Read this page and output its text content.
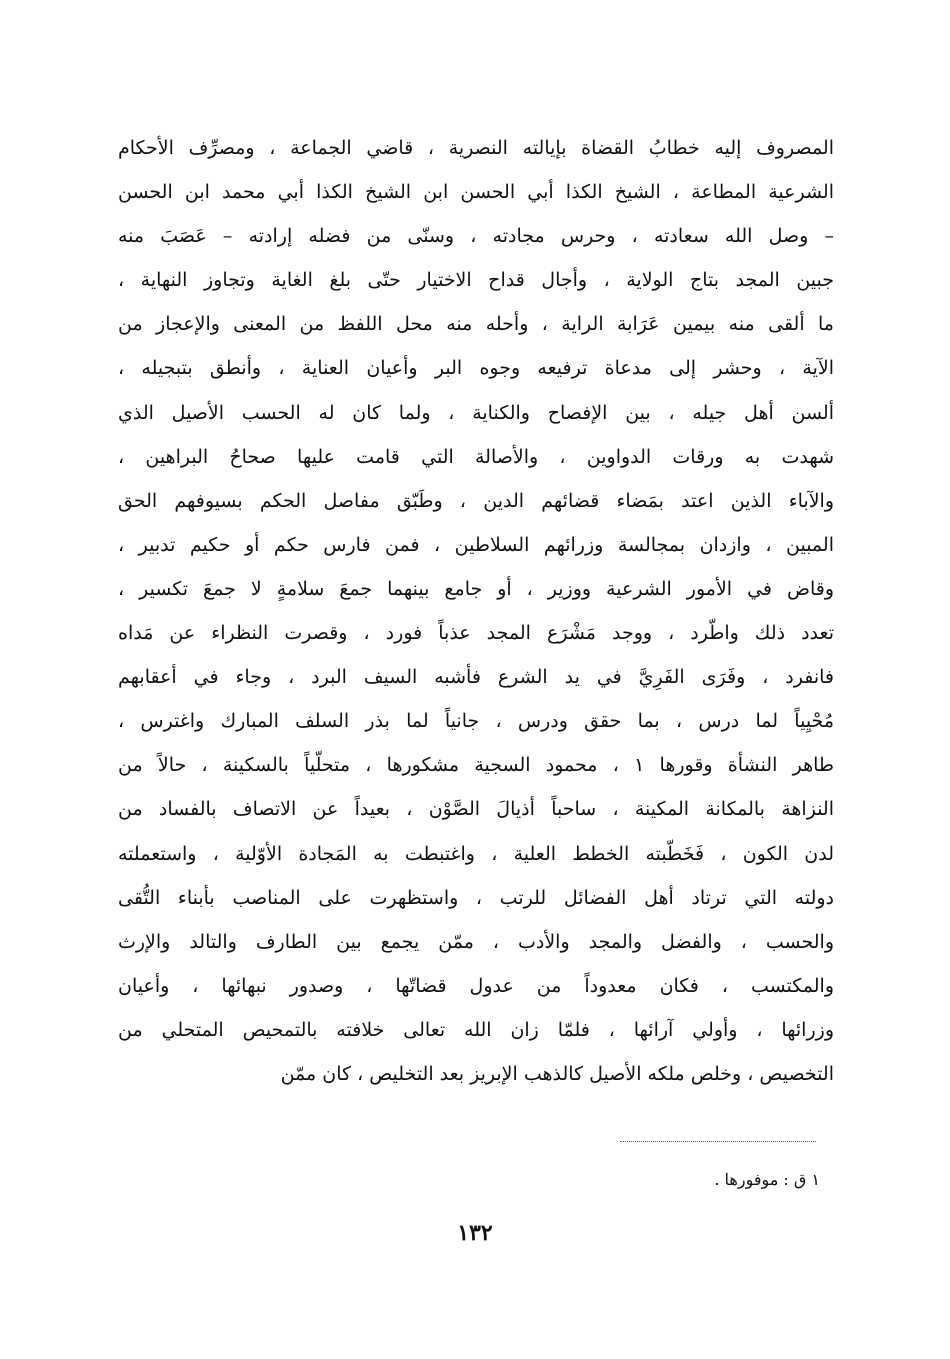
المصروف إليه خطابُ القضاة بإيالته النصرية ، قاضي الجماعة ، ومصرِّف الأحكام
الشرعية المطاعة ، الشيخ الكذا أبي الحسن ابن الشيخ الكذا أبي محمد ابن الحسن
– وصل الله سعادته ، وحرس مجادته ، وسنّى من فضله إرادته – عَصَبَ منه
جبين المجد بتاج الولاية ، وأجال قداح الاختيار حتّى بلغ الغاية وتجاوز النهاية ،
ما ألقى منه بيمين عَرَابة الراية ، وأحله منه محل اللفظ من المعنى والإعجاز من
الآية ، وحشر إلى مدعاة ترفيعه وجوه البر وأعيان العناية ، وأنطق بتبجيله ،
ألسن أهل جيله ، بين الإفصاح والكناية ، ولما كان له الحسب الأصيل الذي
شهدت به ورقات الدواوين ، والأصالة التي قامت عليها صحاحُ البراهين ،
والآباء الذين اعتد بمَضاء قضائهم الدين ، وطَبّق مفاصل الحكم بسيوفهم الحق
المبين ، وازدان بمجالسة وزرائهم السلاطين ، فمن فارس حكم أو حكيم تدبير ،
وقاض في الأمور الشرعية ووزير ، أو جامع بينهما جمعَ سلامةٍ لا جمعَ تكسير ،
تعدد ذلك واطّرد ، ووجد مَشْرَع المجد عذباً فورد ، وقصرت النظراء عن مَداه
فانفرد ، وفَرَى الفَرِيَّ في يد الشرع فأشبه السيف البرد ، وجاء في أعقابهم
مُحْيِياً لما درس ، بما حقق ودرس ، جانياً لما بذر السلف المبارك واغترس ،
طاهر النشأة وقورها ١ ، محمود السجية مشكورها ، متحلّياً بالسكينة ، حالاً من
النزاهة بالمكانة المكينة ، ساحباً أذيالَ الصَّوْن ، بعيداً عن الاتصاف بالفساد من
لدن الكون ، فَخَطّبته الخطط العلية ، واغتبطت به المَجادة الأوّلية ، واستعملته
دولته التي ترتاد أهل الفضائل للرتب ، واستظهرت على المناصب بأبناء التُّقى
والحسب ، والفضل والمجد والأدب ، ممّن يجمع بين الطارف والتالد والإرث
والمكتسب ، فكان معدوداً من عدول قضاتّها ، وصدور نبهائها ، وأعيان
وزرائها ، وأولي آرائها ، فلمّا زان الله تعالى خلافته بالتمحيص المتحلي من
التخصيص ، وخلص ملكه الأصيل كالذهب الإبريز بعد التخليص ، كان ممّن
١ ق : موفورها .
١٣٢
